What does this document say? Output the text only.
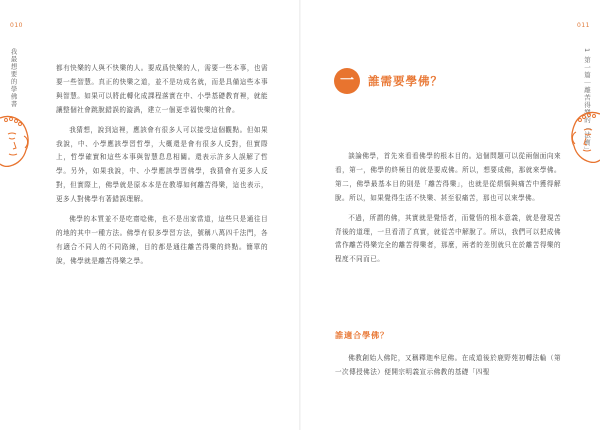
010
我最想要的學佛書	都有快樂的人與不快樂的人。要成爲快樂的人，需要一些本事，也需要一些智慧。真正的快樂之道，並不是功成名就，而是具備這些本事與智慧。如果可以將此轉化成課程落實在中、小學基礎教育裡，就能讓整個社會跳脫錯誤的漩渦，建立一個更幸福快樂的社會。

我猜想，說到這裡，應該會有很多人可以接受這個觀點。但如果我說，中、小學應該學習哲學，大概還是會有很多人反對，但實際上，哲學確實和這些本事與智慧息息相關。還表示許多人誤解了哲學。另外，如果我說，中、小學應該學習佛學，我猜會有更多人反對，但實際上，佛學就是原本本是在教導如何離苦得樂，這也表示，更多人對佛學有著錯誤理解。

佛學的本質並不是吃齋唸佛，也不是出家當道，這些只是通往目的地的其中一種方法。佛學有很多學習方法，號稱八萬四千法門，各有適合不同人的不同路線，目的都是通往離苦得樂的終點。簡單的說，佛學就是離苦得樂之學。

011
1 第一篇｜離苦得樂的「法寶」
一	誰需要學佛？

談論佛學，首先來看看佛學的根本目的。這個問題可以從兩個面向來看，第一，佛學的終極目的就是要成佛。所以，想要成佛，那就來學佛。第二，佛學最基本目的則是「離苦得樂」，也就是從煩惱與痛苦中獲得解脫。所以，如果覺得生活不快樂、甚至很痛苦，那也可以來學佛。

不過，所謂的佛，其實就是覺悟者，而覺悟的根本意義，就是發現苦背後的道理，一旦看清了真實，就從苦中解脫了。所以，我們可以把成佛當作離苦得樂完全的離苦得樂者，那麼，兩者的差別就只在於離苦得樂的程度不同而已。

誰適合學佛？

佛教創始人佛陀，又稱釋迦牟尼佛。在成道後於鹿野苑初轉法輪（第一次傳授佛法）便開宗明義宣示佛教的基礎「四聖
